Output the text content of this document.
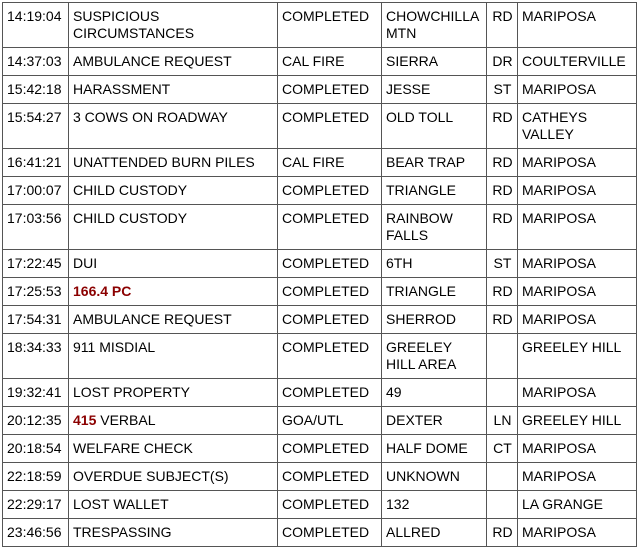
14:19:04	SUSPICIOUS CIRCUMSTANCES	COMPLETED	CHOWCHILLA MTN	RD	MARIPOSA
14:37:03	AMBULANCE REQUEST	CAL FIRE	SIERRA	DR	COULTERVILLE
15:42:18	HARASSMENT	COMPLETED	JESSE	ST	MARIPOSA
15:54:27	3 COWS ON ROADWAY	COMPLETED	OLD TOLL	RD	CATHEYS VALLEY
16:41:21	UNATTENDED BURN PILES	CAL FIRE	BEAR TRAP	RD	MARIPOSA
17:00:07	CHILD CUSTODY	COMPLETED	TRIANGLE	RD	MARIPOSA
17:03:56	CHILD CUSTODY	COMPLETED	RAINBOW FALLS	RD	MARIPOSA
17:22:45	DUI	COMPLETED	6TH	ST	MARIPOSA
17:25:53	166.4 PC	COMPLETED	TRIANGLE	RD	MARIPOSA
17:54:31	AMBULANCE REQUEST	COMPLETED	SHERROD	RD	MARIPOSA
18:34:33	911 MISDIAL	COMPLETED	GREELEY HILL AREA		GREELEY HILL
19:32:41	LOST PROPERTY	COMPLETED	49		MARIPOSA
20:12:35	415 VERBAL	GOA/UTL	DEXTER	LN	GREELEY HILL
20:18:54	WELFARE CHECK	COMPLETED	HALF DOME	CT	MARIPOSA
22:18:59	OVERDUE SUBJECT(S)	COMPLETED	UNKNOWN		MARIPOSA
22:29:17	LOST WALLET	COMPLETED	132		LA GRANGE
23:46:56	TRESPASSING	COMPLETED	ALLRED	RD	MARIPOSA
